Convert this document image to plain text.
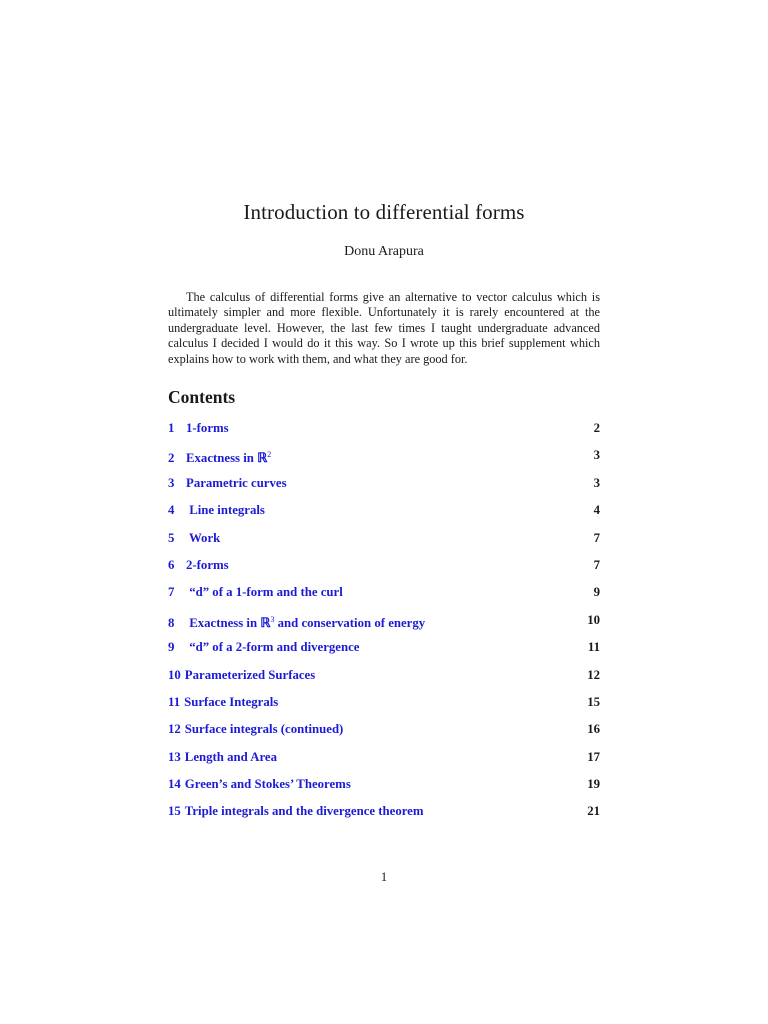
Introduction to differential forms

Donu Arapura

The calculus of differential forms give an alternative to vector calculus which is ultimately simpler and more flexible. Unfortunately it is rarely encountered at the undergraduate level. However, the last few times I taught undergraduate advanced calculus I decided I would do it this way. So I wrote up this brief supplement which explains how to work with them, and what they are good for.

Contents
1 1-forms	2
2 Exactness in ℝ$^2$	3
3 Parametric curves	3
4 Line integrals	4
5 Work	7
6 2-forms	7
7 “d” of a 1-form and the curl	9
8 Exactness in ℝ$^3$ and conservation of energy	10
9 “d” of a 2-form and divergence	11
10 Parameterized Surfaces	12
11 Surface Integrals	15
12 Surface integrals (continued)	16
13 Length and Area	17
14 Green’s and Stokes’ Theorems	19
15 Triple integrals and the divergence theorem	21

1
